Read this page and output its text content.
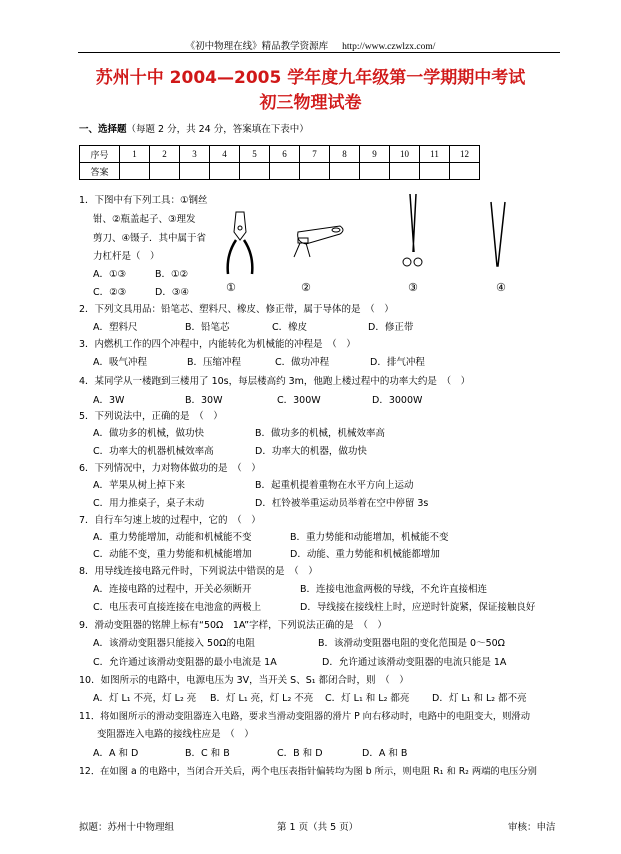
《初中物理在线》精品教学资源库 http://www.czwlzx.com/
苏州十中 2004—2005 学年度九年级第一学期期中考试
初三物理试卷
一、选择题（每题 2 分，共 24 分，答案填在下表中）
序号	1	2	3	4	5	6	7	8	9	10	11	12
答案												
1．下图中有下列工具：①钢丝
钳、②瓶盖起子、③理发
剪刀、④镊子．其中属于省
力杠杆是（　）
A．①③	B．①②
C．②③	D．③④	①	②	③	④
2．下列文具用品：铅笔芯、塑料尺、橡皮、修正带，属于导体的是　（　）
A．塑料尺	B．铅笔芯	C．橡皮	D．修正带
3．内燃机工作的四个冲程中，内能转化为机械能的冲程是　（　）
A．吸气冲程	B．压缩冲程	C．做功冲程	D．排气冲程
4．某同学从一楼跑到三楼用了 10s，每层楼高约 3m，他跑上楼过程中的功率大约是　（　）
A．3W	B．30W	C．300W	D．3000W
5．下列说法中，正确的是　（　）
A．做功多的机械，做功快	B．做功多的机械，机械效率高
C．功率大的机器机械效率高	D．功率大的机器，做功快
6．下列情况中，力对物体做功的是　（　）
A．苹果从树上掉下来	B．起重机提着重物在水平方向上运动
C．用力推桌子，桌子未动	D．杠铃被举重运动员举着在空中停留 3s
7．自行车匀速上坡的过程中，它的　（　）
A．重力势能增加，动能和机械能不变	B．重力势能和动能增加，机械能不变
C．动能不变，重力势能和机械能增加	D．动能、重力势能和机械能都增加
8．用导线连接电路元件时，下列说法中错误的是　（　）
A．连接电路的过程中，开关必须断开	B．连接电池盒两极的导线，不允许直接相连
C．电压表可直接连接在电池盒的两极上	D．导线接在接线柱上时，应逆时针旋紧，保证接触良好
9．滑动变阻器的铭牌上标有“50Ω　1A”字样，下列说法正确的是　（　）
A．该滑动变阻器只能接入 50Ω的电阻	B．该滑动变阻器电阻的变化范围是 0～50Ω
C．允许通过该滑动变阻器的最小电流是 1A	D．允许通过该滑动变阻器的电流只能是 1A
10．如图所示的电路中，电源电压为 3V，当开关 S、S₁ 都闭合时，则　（　）
A．灯 L₁ 不亮，灯 L₂ 亮 B．灯 L₁ 亮，灯 L₂ 不亮 C．灯 L₁ 和 L₂ 都亮 D．灯 L₁ 和 L₂ 都不亮
11．将如图所示的滑动变阻器连入电路，要求当滑动变阻器的滑片 P 向右移动时，电路中的电阻变大，则滑动
变阻器连入电路的接线柱应是　（　）
A．A 和 D	B．C 和 B	C．B 和 D	D．A 和 B
12．在如图 a 的电路中，当闭合开关后，两个电压表指针偏转均为图 b 所示，则电阻 R₁ 和 R₂ 两端的电压分别
拟题：苏州十中物理组	第 1 页（共 5 页）	审核：申洁
